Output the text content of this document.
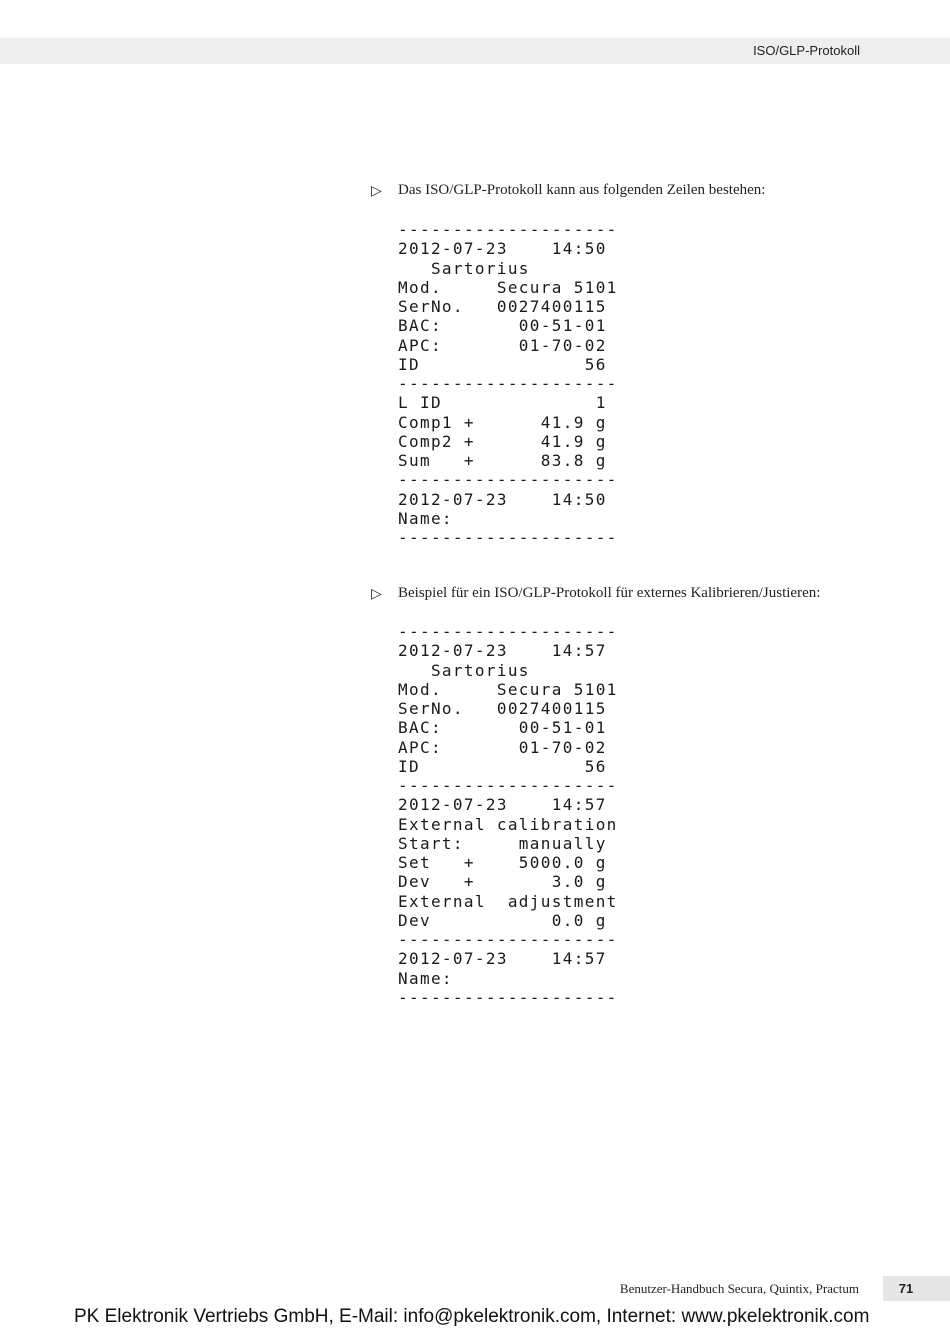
ISO/GLP-Protokoll
▷ Das ISO/GLP-Protokoll kann aus folgenden Zeilen bestehen:
--------------------
2012-07-23    14:50
Sartorius
Mod.     Secura 5101
SerNo.   0027400115
BAC:       00-51-01
APC:       01-70-02
ID               56
--------------------
L ID              1
Comp1 +      41.9 g
Comp2 +      41.9 g
Sum   +      83.8 g
--------------------
2012-07-23    14:50
Name:
--------------------
▷ Beispiel für ein ISO/GLP-Protokoll für externes Kalibrieren/Justieren:
--------------------
2012-07-23    14:57
Sartorius
Mod.     Secura 5101
SerNo.   0027400115
BAC:       00-51-01
APC:       01-70-02
ID               56
--------------------
2012-07-23    14:57
External calibration
Start:     manually
Set   +    5000.0 g
Dev   +       3.0 g
External  adjustment
Dev           0.0 g
--------------------
2012-07-23    14:57
Name:
--------------------
Benutzer-Handbuch Secura, Quintix, Practum	71
PK Elektronik Vertriebs GmbH, E-Mail: info@pkelektronik.com, Internet: www.pkelektronik.com
